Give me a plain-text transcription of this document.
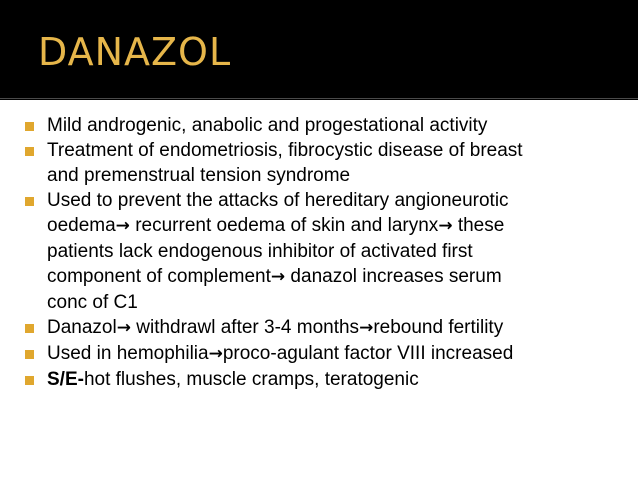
DANAZOL
Mild androgenic, anabolic and progestational activity
Treatment of endometriosis, fibrocystic disease of breast
and premenstrual tension syndrome
Used to prevent the attacks of hereditary angioneurotic
oedema→ recurrent oedema of skin and larynx→ these
patients lack endogenous inhibitor of activated first
component of complement→ danazol increases serum
conc of C1
Danazol→ withdrawl after 3-4 months→rebound fertility
Used in hemophilia→proco-agulant factor VIII increased
S/E-hot flushes, muscle cramps, teratogenic
